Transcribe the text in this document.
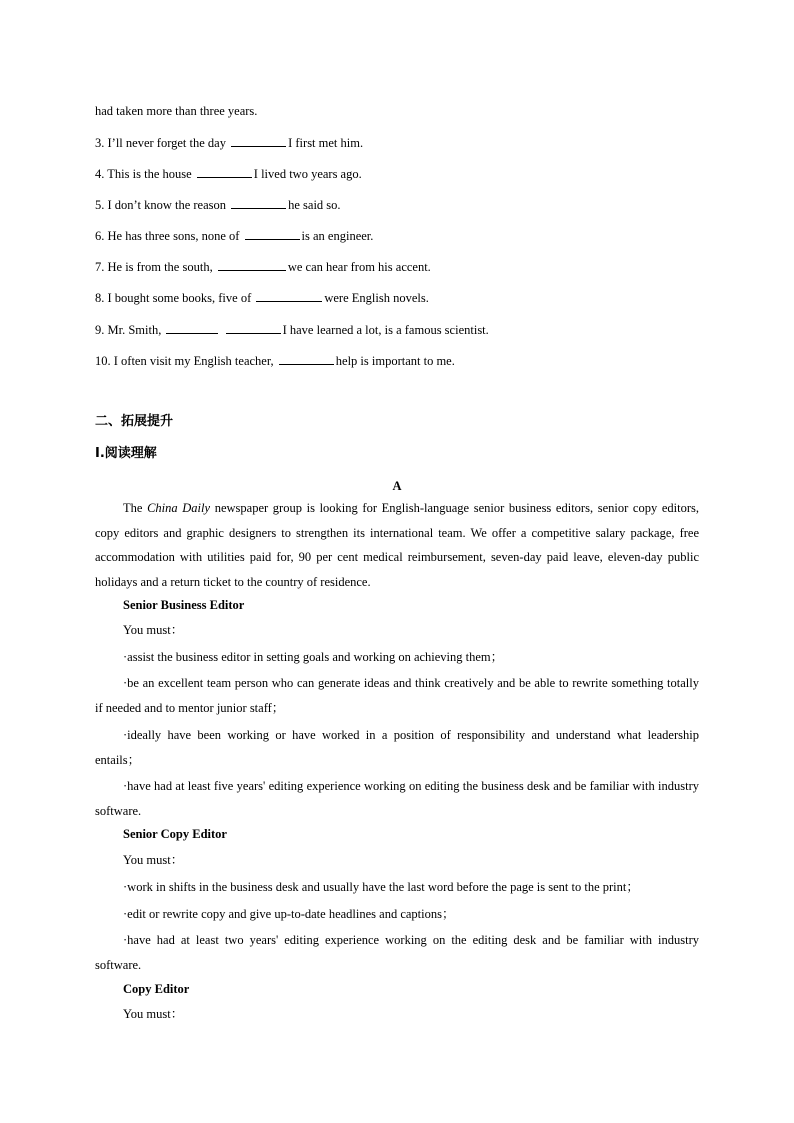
had taken more than three years.
3. I’ll never forget the day	I first met him.
4. This is the house	I lived two years ago.
5. I don’t know the reason	he said so.
6. He has three sons, none of	is an engineer.
7. He is from the south,	we can hear from his accent.
8. I bought some books, five of	were English novels.
9. Mr. Smith,	I have learned a lot, is a famous scientist.
10. I often visit my English teacher,	help is important to me.
二、拓展提升
I.阅读理解
A
The China Daily newspaper group is looking for English-language senior business editors, senior copy editors, copy editors and graphic designers to strengthen its international team. We offer a competitive salary package, free accommodation with utilities paid for, 90 per cent medical reimbursement, seven-day paid leave, eleven-day public holidays and a return ticket to the country of residence.
Senior Business Editor
You must：
·assist the business editor in setting goals and working on achieving them；
·be an excellent team person who can generate ideas and think creatively and be able to rewrite something totally if needed and to mentor junior staff；
·ideally have been working or have worked in a position of responsibility and understand what leadership entails；
·have had at least five years' editing experience working on editing the business desk and be familiar with industry software.
Senior Copy Editor
You must：
·work in shifts in the business desk and usually have the last word before the page is sent to the print；
·edit or rewrite copy and give up-to-date headlines and captions；
·have had at least two years' editing experience working on the editing desk and be familiar with industry software.
Copy Editor
You must：
